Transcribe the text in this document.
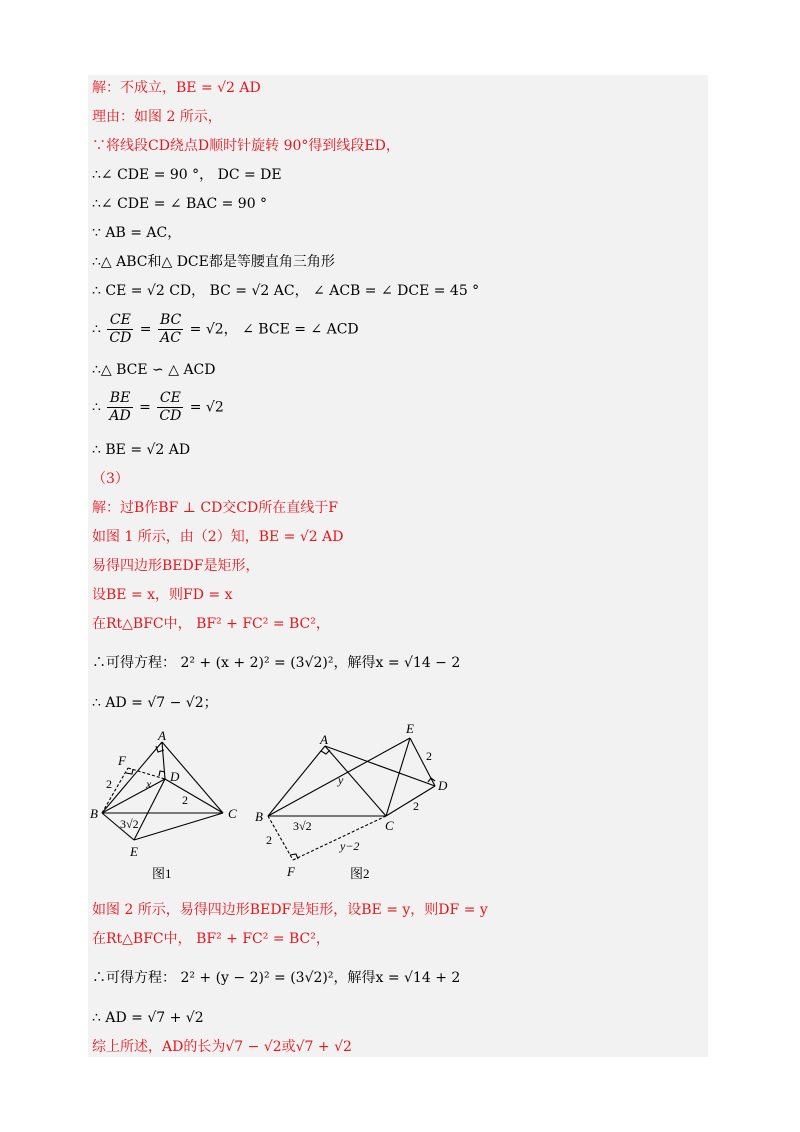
解：不成立，BE = √2 AD
理由：如图 2 所示，
∵将线段CD绕点D顺时针旋转 90°得到线段ED，
∴∠ CDE = 90 °， DC = DE
∴∠ CDE = ∠ BAC = 90 °
∵ AB = AC，
∴△ ABC和△ DCE都是等腰直角三角形
∴ CE = √2 CD， BC = √2 AC， ∠ ACB = ∠ DCE = 45 °
∴ $\frac{CE}{CD} = \frac{BC}{AC} = √2$， ∠ BCE = ∠ ACD
∴△ BCE ∽ △ ACD
∴ $\frac{BE}{AD} = \frac{CE}{CD} = √2$
∴ BE = √2 AD
（3）
解：过B作BF ⊥ CD交CD所在直线于F
如图 1 所示，由（2）知，BE = √2 AD
易得四边形BEDF是矩形，
设BE = x，则FD = x
在Rt△BFC中， BF² + FC² = BC²，
∴可得方程： 2² + (x + 2)² = (3√2)²，解得x = √14 − 2
∴ AD = √7 − √2；
A
B	C
D
E
F
2	x
2
3√2
图1
A
B
C
D
E
F
2
2
y
3√2
2	y−2
图2
如图 2 所示，易得四边形BEDF是矩形，设BE = y，则DF = y
在Rt△BFC中， BF² + FC² = BC²，
∴可得方程： 2² + (y − 2)² = (3√2)²，解得x = √14 + 2
∴ AD = √7 + √2
综上所述，AD的长为√7 − √2或√7 + √2
